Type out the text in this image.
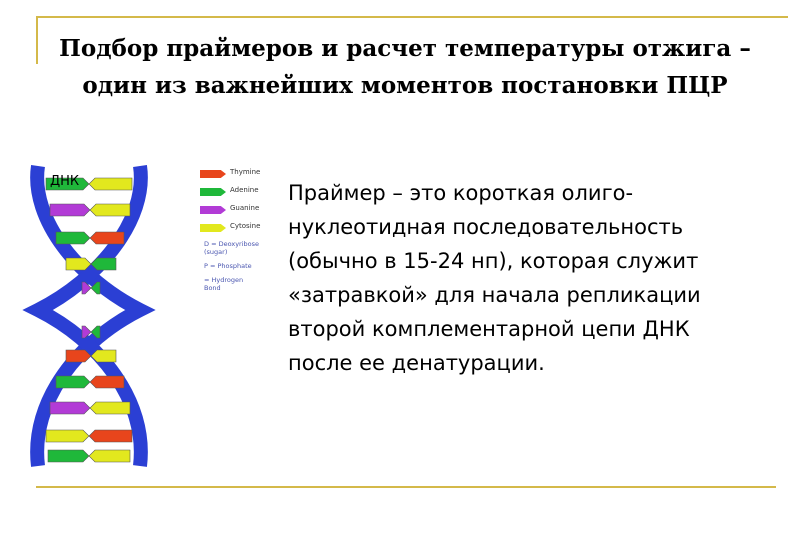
Подбор праймеров и расчет температуры отжига –
один из важнейших моментов постановки ПЦР
ДНК
Thymine
Adenine
Guanine
Cytosine
D = Deoxyribose
(sugar)
P = Phosphate
= Hydrogen
Bond
Праймер – это короткая олиго-
нуклеотидная последовательность
(обычно в 15-24 нп), которая служит
«затравкой» для начала репликации
второй комплементарной цепи ДНК
после ее денатурации.
